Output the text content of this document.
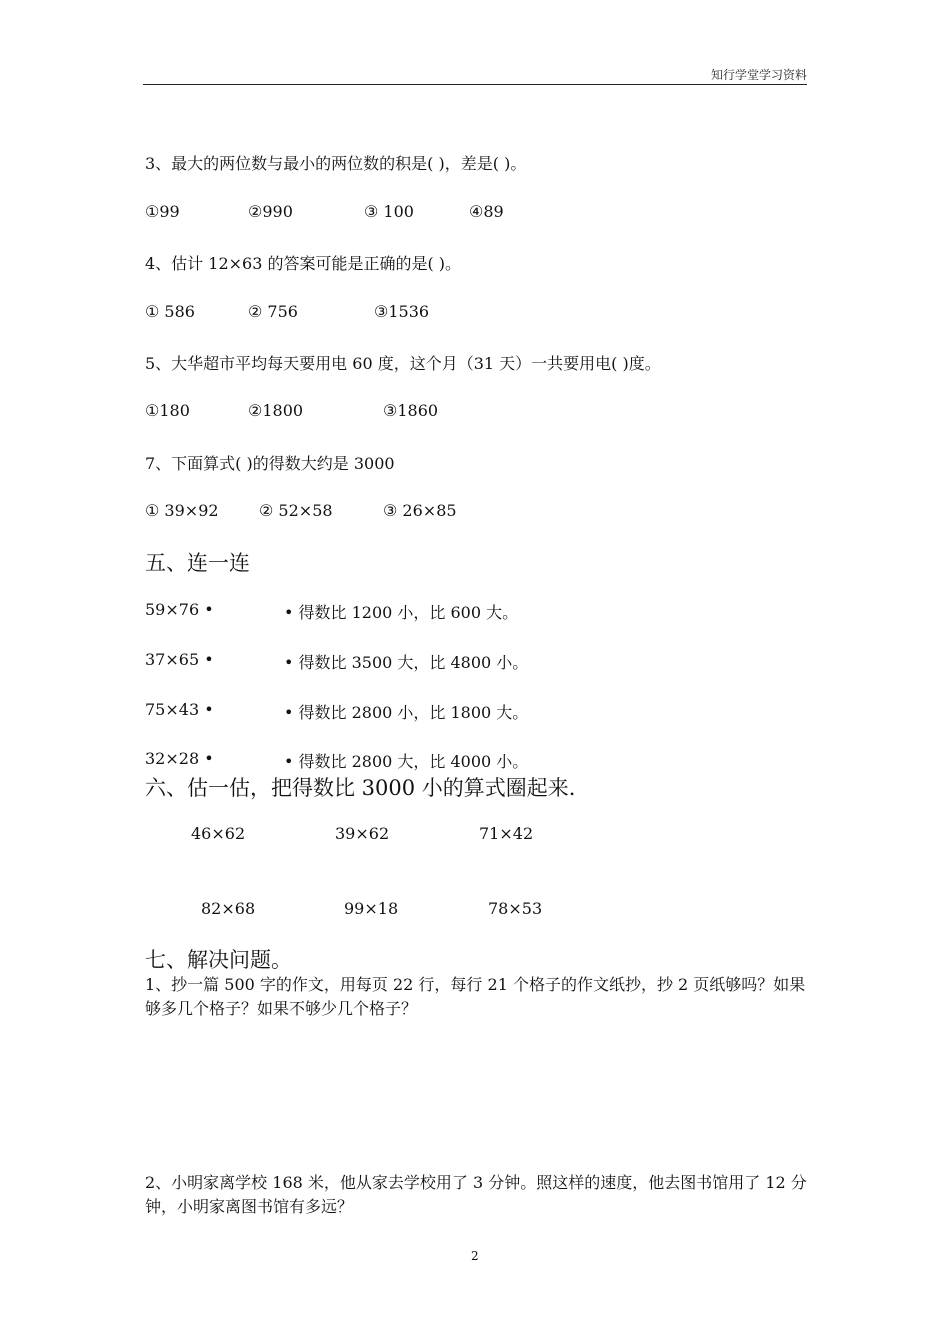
知行学堂学习资料
3、最大的两位数与最小的两位数的积是( )，差是( )。
①99	②990	③ 100	④89
4、估计 12×63 的答案可能是正确的是( )。
① 586	② 756	③1536
5、大华超市平均每天要用电 60 度，这个月（31 天）一共要用电( )度。
①180	②1800	③1860
7、下面算式( )的得数大约是 3000
① 39×92	② 52×58	③ 26×85
五、连一连
59×76 •	• 得数比 1200 小，比 600 大。
37×65 •	• 得数比 3500 大，比 4800 小。
75×43 •	• 得数比 2800 小，比 1800 大。
32×28 •	• 得数比 2800 大，比 4000 小。
六、估一估，把得数比 3000 小的算式圈起来.
46×62	39×62	71×42
82×68	99×18	78×53
七、解决问题。
1、抄一篇 500 字的作文，用每页 22 行，每行 21 个格子的作文纸抄，抄 2 页纸够吗？如果够多几个格子？如果不够少几个格子？
2、小明家离学校 168 米，他从家去学校用了 3 分钟。照这样的速度，他去图书馆用了 12 分钟，小明家离图书馆有多远？
2
